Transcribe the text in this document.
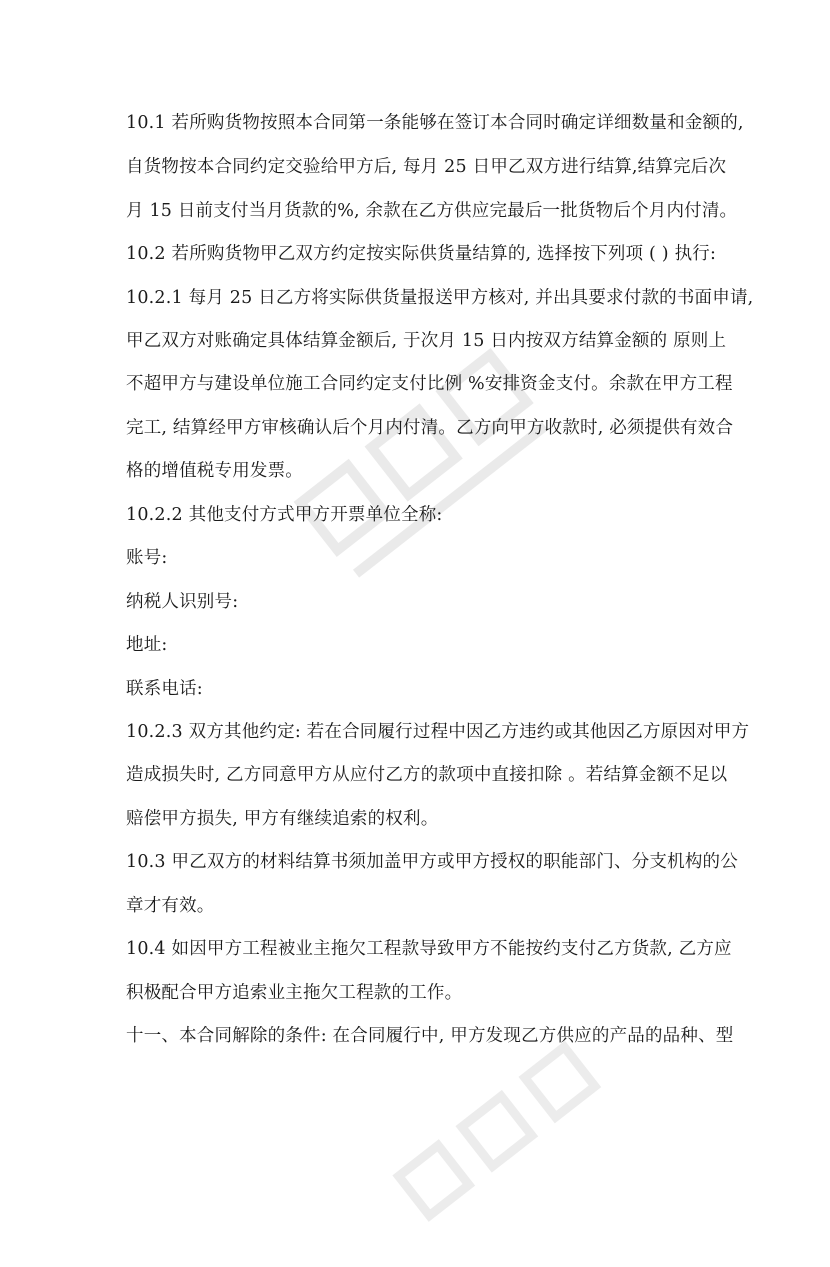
10.1 若所购货物按照本合同第一条能够在签订本合同时确定详细数量和金额的,
自货物按本合同约定交验给甲方后, 每月 25 日甲乙双方进行结算,结算完后次
月 15 日前支付当月货款的%, 余款在乙方供应完最后一批货物后个月内付清。
10.2 若所购货物甲乙双方约定按实际供货量结算的, 选择按下列项 ( ) 执行:
10.2.1 每月 25 日乙方将实际供货量报送甲方核对, 并出具要求付款的书面申请,
甲乙双方对账确定具体结算金额后, 于次月 15 日内按双方结算金额的 原则上
不超甲方与建设单位施工合同约定支付比例 %安排资金支付。余款在甲方工程
完工, 结算经甲方审核确认后个月内付清。乙方向甲方收款时, 必须提供有效合
格的增值税专用发票。
10.2.2 其他支付方式甲方开票单位全称:
账号:
纳税人识别号:
地址:
联系电话:
10.2.3 双方其他约定: 若在合同履行过程中因乙方违约或其他因乙方原因对甲方
造成损失时, 乙方同意甲方从应付乙方的款项中直接扣除 。若结算金额不足以
赔偿甲方损失, 甲方有继续追索的权利。
10.3 甲乙双方的材料结算书须加盖甲方或甲方授权的职能部门、分支机构的公
章才有效。
10.4 如因甲方工程被业主拖欠工程款导致甲方不能按约支付乙方货款, 乙方应
积极配合甲方追索业主拖欠工程款的工作。
十一、本合同解除的条件: 在合同履行中, 甲方发现乙方供应的产品的品种、型
